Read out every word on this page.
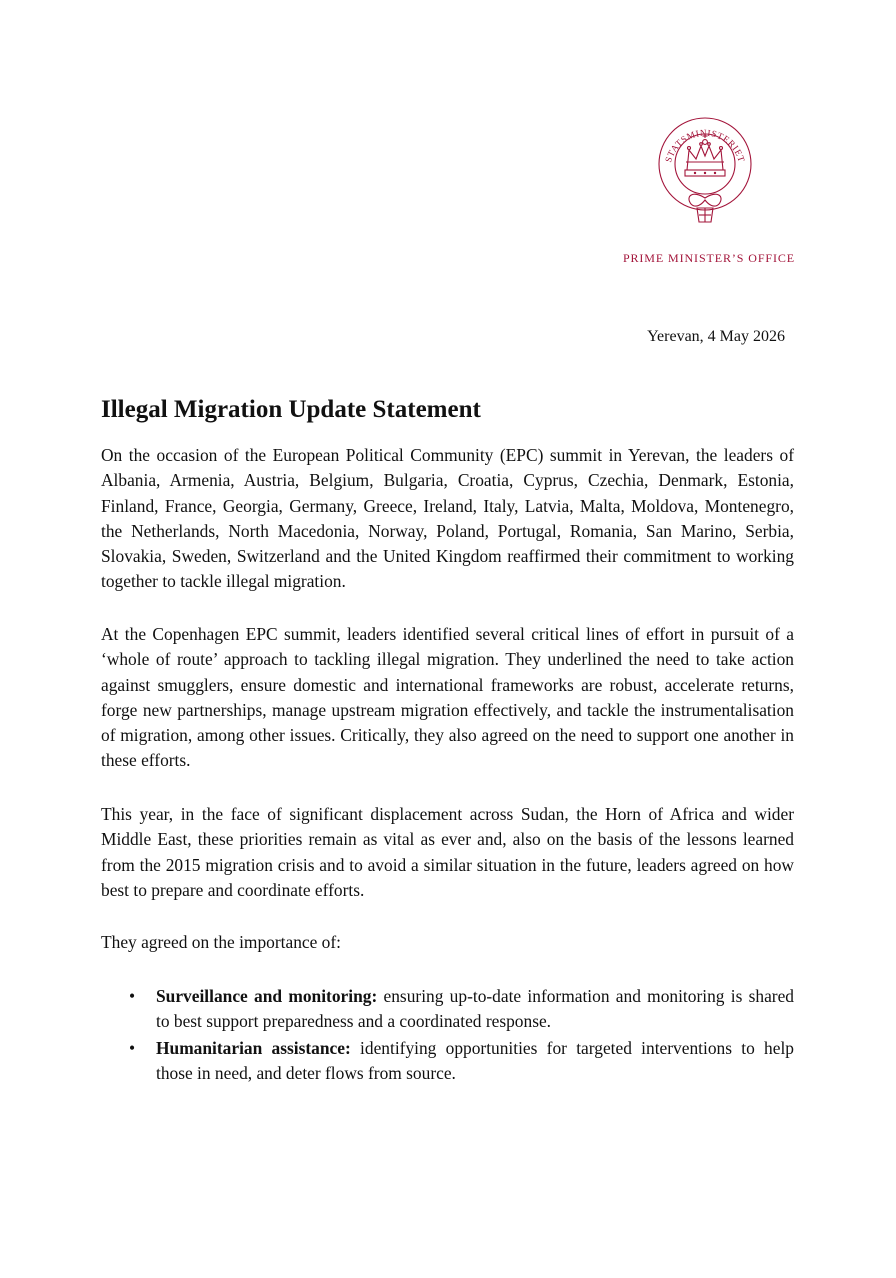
STATSMINISTERIET
PRIME MINISTER’S OFFICE
Yerevan, 4 May 2026
Illegal Migration Update Statement

On the occasion of the European Political Community (EPC) summit in Yerevan, the leaders of Albania, Armenia, Austria, Belgium, Bulgaria, Croatia, Cyprus, Czechia, Denmark, Estonia, Finland, France, Georgia, Germany, Greece, Ireland, Italy, Latvia, Malta, Moldova, Montenegro, the Netherlands, North Macedonia, Norway, Poland, Portugal, Romania, San Marino, Serbia, Slovakia, Sweden, Switzerland and the United Kingdom reaffirmed their commitment to working together to tackle illegal migration.

At the Copenhagen EPC summit, leaders identified several critical lines of effort in pursuit of a ‘whole of route’ approach to tackling illegal migration. They underlined the need to take action against smugglers, ensure domestic and international frameworks are robust, accelerate returns, forge new partnerships, manage upstream migration effectively, and tackle the instrumentalisation of migration, among other issues. Critically, they also agreed on the need to support one another in these efforts.

This year, in the face of significant displacement across Sudan, the Horn of Africa and wider Middle East, these priorities remain as vital as ever and, also on the basis of the lessons learned from the 2015 migration crisis and to avoid a similar situation in the future, leaders agreed on how best to prepare and coordinate efforts.

They agreed on the importance of:

• Surveillance and monitoring: ensuring up-to-date information and monitoring is shared to best support preparedness and a coordinated response.
• Humanitarian assistance: identifying opportunities for targeted interventions to help those in need, and deter flows from source.
